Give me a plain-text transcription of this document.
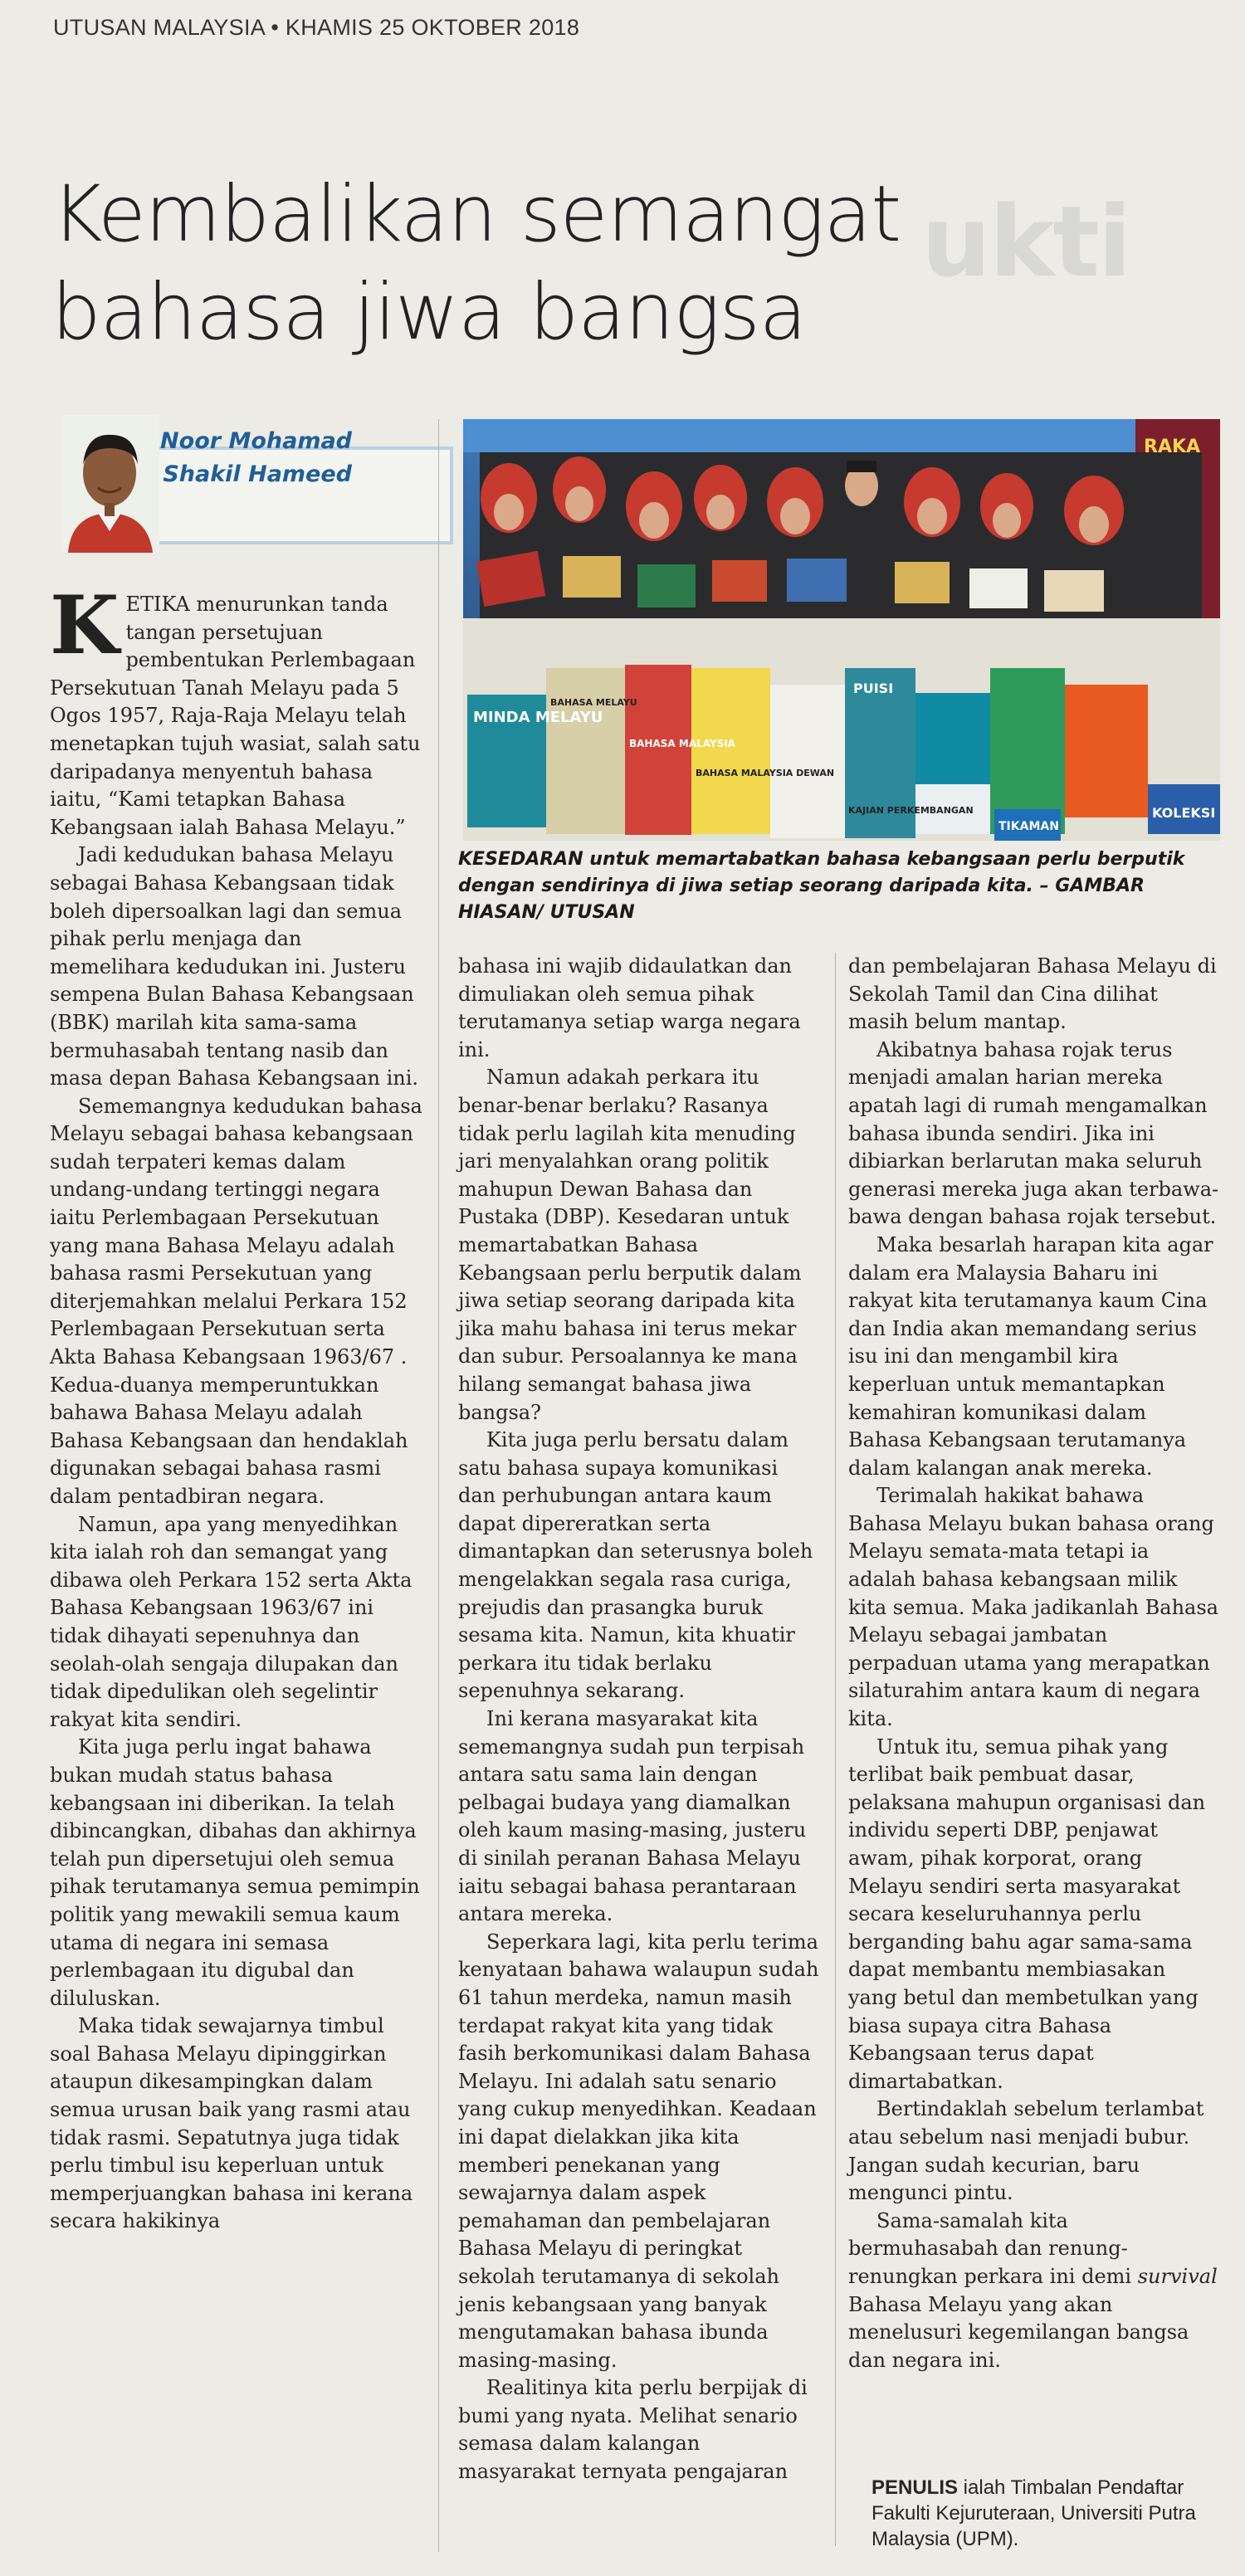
UTUSAN MALAYSIA • KHAMIS 25 OKTOBER 2018
ukti
Kembalikan semangat
bahasa jiwa bangsa
Noor Mohamad
Shakil Hameed
MINDA MELAYU
BAHASA MALAYSIA
BAHASA MELAYU
BAHASA MALAYSIA DEWAN
PUISI
KAJIAN PERKEMBANGAN
TIKAMAN
KOLEKSI
RAKA
KESEDARAN untuk memartabatkan bahasa kebangsaan perlu berputik dengan sendirinya di jiwa setiap seorang daripada kita. – GAMBAR HIASAN/ UTUSAN

KETIKA menurunkan tanda tangan persetujuan pembentukan Perlembagaan Persekutuan Tanah Melayu pada 5 Ogos 1957, Raja-Raja Melayu telah menetapkan tujuh wasiat, salah satu daripadanya menyentuh bahasa iaitu, “Kami tetapkan Bahasa Kebangsaan ialah Bahasa Melayu.”

Jadi kedudukan bahasa Melayu sebagai Bahasa Kebangsaan tidak boleh dipersoalkan lagi dan semua pihak perlu menjaga dan memelihara kedudukan ini. Justeru sempena Bulan Bahasa Kebangsaan (BBK) marilah kita sama-sama bermuhasabah tentang nasib dan masa depan Bahasa Kebangsaan ini.

Sememangnya kedudukan bahasa Melayu sebagai bahasa kebangsaan sudah terpateri kemas dalam undang-undang tertinggi negara iaitu Perlembagaan Persekutuan yang mana Bahasa Melayu adalah bahasa rasmi Persekutuan yang diterjemahkan melalui Perkara 152 Perlembagaan Persekutuan serta Akta Bahasa Kebangsaan 1963/67 . Kedua-duanya memperuntukkan bahawa Bahasa Melayu adalah Bahasa Kebangsaan dan hendaklah digunakan sebagai bahasa rasmi dalam pentadbiran negara.

Namun, apa yang menyedihkan kita ialah roh dan semangat yang dibawa oleh Perkara 152 serta Akta Bahasa Kebangsaan 1963/67 ini tidak dihayati sepenuhnya dan seolah-olah sengaja dilupakan dan tidak dipedulikan oleh segelintir rakyat kita sendiri.

Kita juga perlu ingat bahawa bukan mudah status bahasa kebangsaan ini diberikan. Ia telah dibincangkan, dibahas dan akhirnya telah pun dipersetujui oleh semua pihak terutamanya semua pemimpin politik yang mewakili semua kaum utama di negara ini semasa perlembagaan itu digubal dan diluluskan.

Maka tidak sewajarnya timbul soal Bahasa Melayu dipinggirkan ataupun dikesampingkan dalam semua urusan baik yang rasmi atau tidak rasmi. Sepatutnya juga tidak perlu timbul isu keperluan untuk memperjuangkan bahasa ini kerana secara hakikinya

bahasa ini wajib didaulatkan dan dimuliakan oleh semua pihak terutamanya setiap warga negara ini.

Namun adakah perkara itu benar-benar berlaku? Rasanya tidak perlu lagilah kita menuding jari menyalahkan orang politik mahupun Dewan Bahasa dan Pustaka (DBP). Kesedaran untuk memartabatkan Bahasa Kebangsaan perlu berputik dalam jiwa setiap seorang daripada kita jika mahu bahasa ini terus mekar dan subur. Persoalannya ke mana hilang semangat bahasa jiwa bangsa?

Kita juga perlu bersatu dalam satu bahasa supaya komunikasi dan perhubungan antara kaum dapat dipereratkan serta dimantapkan dan seterusnya boleh mengelakkan segala rasa curiga, prejudis dan prasangka buruk sesama kita. Namun, kita khuatir perkara itu tidak berlaku sepenuhnya sekarang.

Ini kerana masyarakat kita sememangnya sudah pun terpisah antara satu sama lain dengan pelbagai budaya yang diamalkan oleh kaum masing-masing, justeru di sinilah peranan Bahasa Melayu iaitu sebagai bahasa perantaraan antara mereka.

Seperkara lagi, kita perlu terima kenyataan bahawa walaupun sudah 61 tahun merdeka, namun masih terdapat rakyat kita yang tidak fasih berkomunikasi dalam Bahasa Melayu. Ini adalah satu senario yang cukup menyedihkan. Keadaan ini dapat dielakkan jika kita memberi penekanan yang sewajarnya dalam aspek pemahaman dan pembelajaran Bahasa Melayu di peringkat sekolah terutamanya di sekolah jenis kebangsaan yang banyak mengutamakan bahasa ibunda masing-masing.

Realitinya kita perlu berpijak di bumi yang nyata. Melihat senario semasa dalam kalangan masyarakat ternyata pengajaran

dan pembelajaran Bahasa Melayu di Sekolah Tamil dan Cina dilihat masih belum mantap.

Akibatnya bahasa rojak terus menjadi amalan harian mereka apatah lagi di rumah mengamalkan bahasa ibunda sendiri. Jika ini dibiarkan berlarutan maka seluruh generasi mereka juga akan terbawa-bawa dengan bahasa rojak tersebut.

Maka besarlah harapan kita agar dalam era Malaysia Baharu ini rakyat kita terutamanya kaum Cina dan India akan memandang serius isu ini dan mengambil kira keperluan untuk memantapkan kemahiran komunikasi dalam Bahasa Kebangsaan terutamanya dalam kalangan anak mereka.

Terimalah hakikat bahawa Bahasa Melayu bukan bahasa orang Melayu semata-mata tetapi ia adalah bahasa kebangsaan milik kita semua. Maka jadikanlah Bahasa Melayu sebagai jambatan perpaduan utama yang merapatkan silaturahim antara kaum di negara kita.

Untuk itu, semua pihak yang terlibat baik pembuat dasar, pelaksana mahupun organisasi dan individu seperti DBP, penjawat awam, pihak korporat, orang Melayu sendiri serta masyarakat secara keseluruhannya perlu berganding bahu agar sama-sama dapat membantu membiasakan yang betul dan membetulkan yang biasa supaya citra Bahasa Kebangsaan terus dapat dimartabatkan.

Bertindaklah sebelum terlambat atau sebelum nasi menjadi bubur. Jangan sudah kecurian, baru mengunci pintu.

Sama-samalah kita bermuhasabah dan renung-renungkan perkara ini demi survival Bahasa Melayu yang akan menelusuri kegemilangan bangsa dan negara ini.

PENULIS ialah Timbalan Pendaftar Fakulti Kejuruteraan, Universiti Putra Malaysia (UPM).
